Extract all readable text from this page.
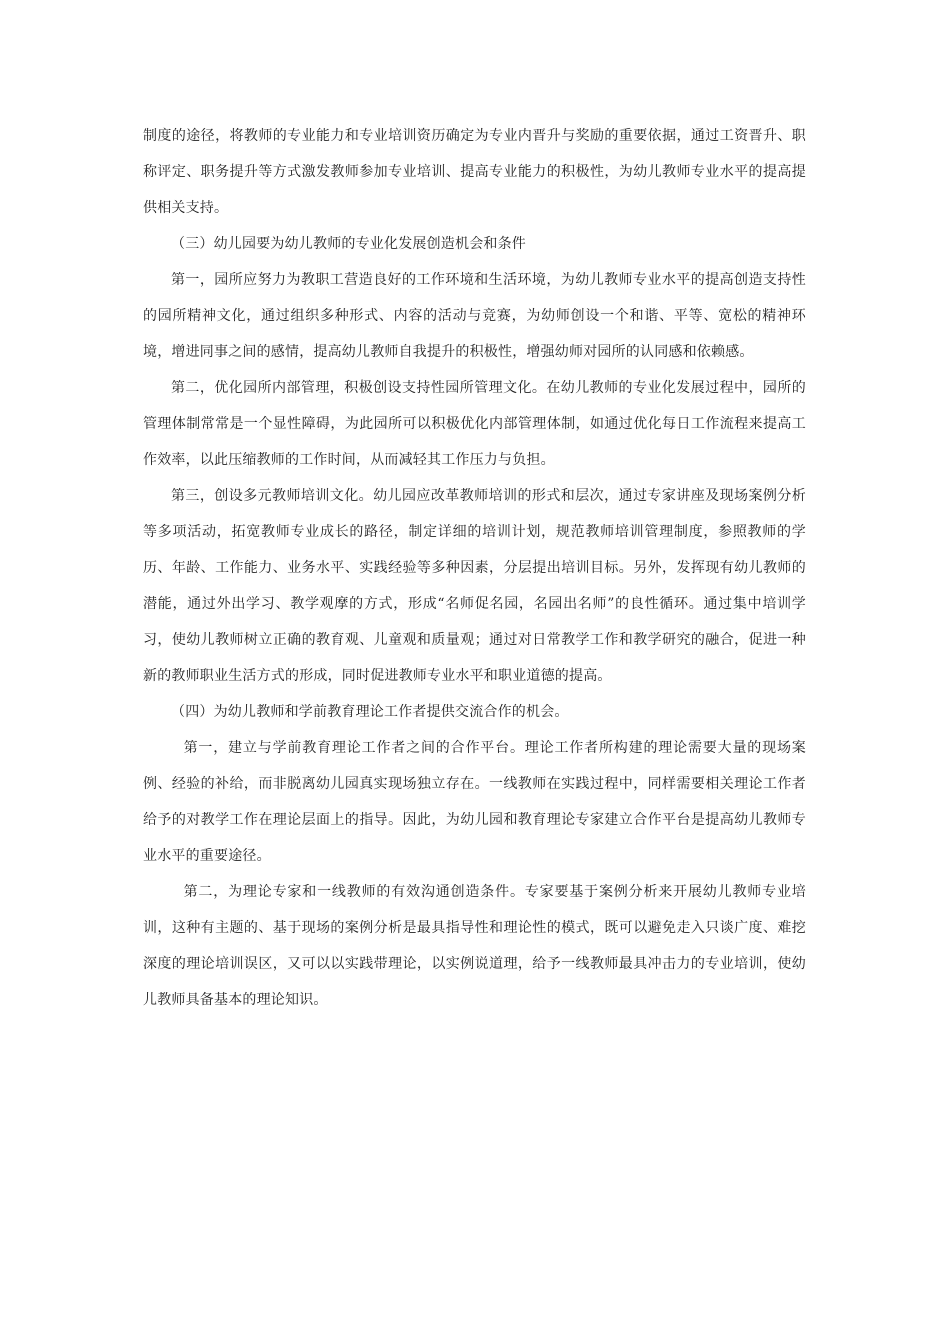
制度的途径，将教师的专业能力和专业培训资历确定为专业内晋升与奖励的重要依据，通过工资晋升、职称评定、职务提升等方式激发教师参加专业培训、提高专业能力的积极性，为幼儿教师专业水平的提高提供相关支持。

（三）幼儿园要为幼儿教师的专业化发展创造机会和条件

第一，园所应努力为教职工营造良好的工作环境和生活环境，为幼儿教师专业水平的提高创造支持性的园所精神文化，通过组织多种形式、内容的活动与竞赛，为幼师创设一个和谐、平等、宽松的精神环境，增进同事之间的感情，提高幼儿教师自我提升的积极性，增强幼师对园所的认同感和依赖感。

第二，优化园所内部管理，积极创设支持性园所管理文化。在幼儿教师的专业化发展过程中，园所的管理体制常常是一个显性障碍，为此园所可以积极优化内部管理体制，如通过优化每日工作流程来提高工作效率，以此压缩教师的工作时间，从而减轻其工作压力与负担。

第三，创设多元教师培训文化。幼儿园应改革教师培训的形式和层次，通过专家讲座及现场案例分析等多项活动，拓宽教师专业成长的路径，制定详细的培训计划，规范教师培训管理制度，参照教师的学历、年龄、工作能力、业务水平、实践经验等多种因素，分层提出培训目标。另外，发挥现有幼儿教师的潜能，通过外出学习、教学观摩的方式，形成“名师促名园，名园出名师”的良性循环。通过集中培训学习，使幼儿教师树立正确的教育观、儿童观和质量观；通过对日常教学工作和教学研究的融合，促进一种新的教师职业生活方式的形成，同时促进教师专业水平和职业道德的提高。

（四）为幼儿教师和学前教育理论工作者提供交流合作的机会。

第一，建立与学前教育理论工作者之间的合作平台。理论工作者所构建的理论需要大量的现场案例、经验的补给，而非脱离幼儿园真实现场独立存在。一线教师在实践过程中，同样需要相关理论工作者给予的对教学工作在理论层面上的指导。因此，为幼儿园和教育理论专家建立合作平台是提高幼儿教师专业水平的重要途径。

第二，为理论专家和一线教师的有效沟通创造条件。专家要基于案例分析来开展幼儿教师专业培训，这种有主题的、基于现场的案例分析是最具指导性和理论性的模式，既可以避免走入只谈广度、难挖深度的理论培训误区，又可以以实践带理论，以实例说道理，给予一线教师最具冲击力的专业培训，使幼儿教师具备基本的理论知识。
